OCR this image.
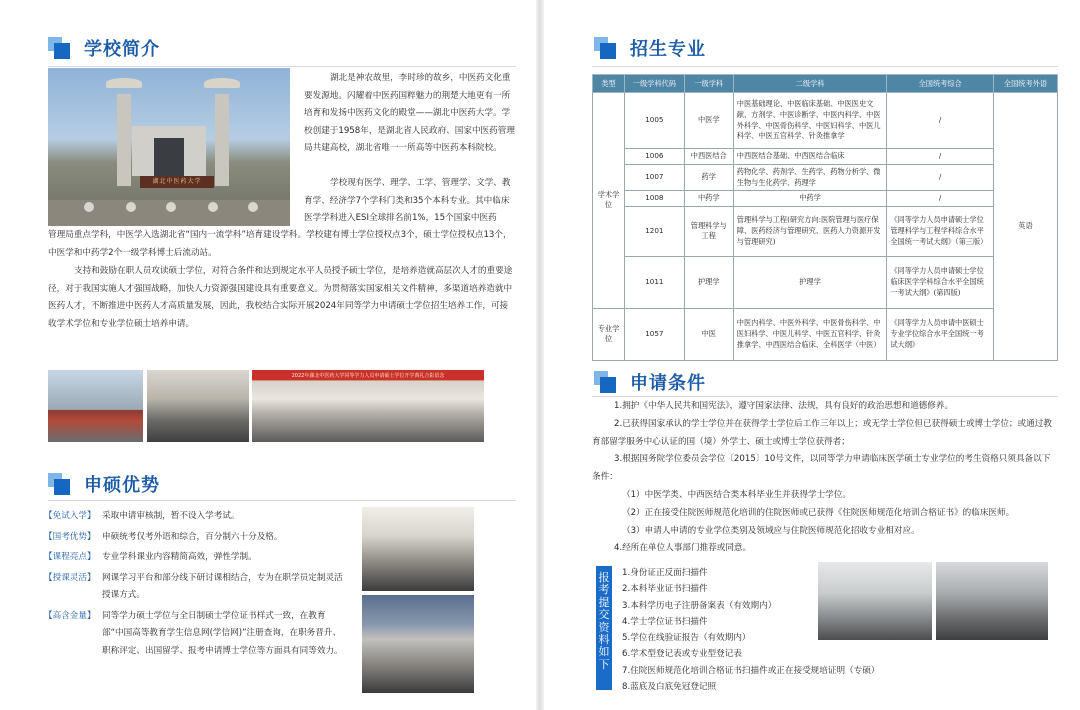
学校简介
湖北中医药大学
湖北是神农故里，李时珍的故乡，中医药文化重要发源地。闪耀着中医药国粹魅力的荆楚大地更有一所培育和发扬中医药文化的殿堂——湖北中医药大学。学校创建于1958年，是湖北省人民政府、国家中医药管理局共建高校，湖北省唯一一所高等中医药本科院校。
学校现有医学、理学、工学、管理学、文学、教育学、经济学7个学科门类和35个本科专业。其中临床医学学科进入ESI全球排名前1%，15个国家中医药
管理局重点学科，中医学入选湖北省“国内一流学科”培育建设学科。学校建有博士学位授权点3个，硕士学位授权点13个，中医学和中药学2个一级学科博士后流动站。
支持和鼓励在职人员攻读硕士学位，对符合条件和达到规定水平人员授予硕士学位，是培养造就高层次人才的重要途径，对于我国实施人才强国战略，加快人力资源强国建设具有重要意义。为贯彻落实国家相关文件精神，多渠道培养造就中医药人才，不断推进中医药人才高质量发展，因此，我校结合实际开展2024年同等学力申请硕士学位招生培养工作，可接收学术学位和专业学位硕士培养申请。
2022年湖北中医药大学同等学力人员申请硕士学位开学典礼合影留念
申硕优势
【免试入学】 采取申请审核制，暂不设入学考试。
【国考优势】 申硕统考仅考外语和综合，百分制六十分及格。
【课程亮点】 专业学科课业内容精简高效，弹性学制。
【授课灵活】 网课学习平台和部分线下研讨课相结合，专为在职学员定制灵活授课方式。
【高含金量】 同等学力硕士学位与全日制硕士学位证书样式一致，在教育部“中国高等教育学生信息网(学信网)”注册查询，在职务晋升、职称评定、出国留学、报考申请博士学位等方面具有同等效力。
招生专业
类型	一级学科代码	一级学科	二级学科	全国统考综合	全国统考外语
学术学位	1005	中医学	中医基础理论、中医临床基础、中医医史文献、方剂学、中医诊断学、中医内科学、中医外科学、中医骨伤科学、中医妇科学、中医儿科学、中医五官科学、针灸推拿学	/	英语
	1006	中西医结合	中西医结合基础、中西医结合临床	/	
	1007	药学	药物化学、药剂学、生药学、药物分析学、微生物与生化药学、药理学	/	
	1008	中药学	中药学	/	
	1201	管理科学与工程	管理科学与工程(研究方向:医院管理与医疗保障、医药经济与管理研究、医药人力资源开发与管理研究)	《同等学力人员申请硕士学位管理科学与工程学科综合水平全国统一考试大纲》（第三版）	
	1011	护理学	护理学	《同等学力人员申请硕士学位临床医学学科综合水平全国统一考试大纲》(第四版)	
专业学位	1057	中医	中医内科学、中医外科学、中医骨伤科学、中医妇科学、中医儿科学、中医五官科学、针灸推拿学、中西医结合临床、全科医学（中医）	《同等学力人员申请中医硕士专业学位综合水平全国统一考试大纲》	
申请条件

1.拥护《中华人民共和国宪法》，遵守国家法律、法规，具有良好的政治思想和道德修养。

2.已获得国家承认的学士学位并在获得学士学位后工作三年以上；或无学士学位但已获得硕士或博士学位；或通过教育部留学服务中心认证的国（境）外学士、硕士或博士学位获得者；

3.根据国务院学位委员会学位〔2015〕10号文件，以同等学力申请临床医学硕士专业学位的考生资格只须具备以下条件：

（1）中医学类、中西医结合类本科毕业生并获得学士学位。

（2）正在接受住院医师规范化培训的住院医师或已获得《住院医师规范化培训合格证书》的临床医师。

（3）申请人申请的专业学位类别及领域应与住院医师规范化招收专业相对应。

4.经所在单位人事部门推荐或同意。

报考提交资料如下
1.身份证正反面扫描件
2.本科毕业证书扫描件
3.本科学历电子注册备案表（有效期内）
4.学士学位证书扫描件
5.学位在线验证报告（有效期内）
6.学术型登记表或专业型登记表
7.住院医师规范化培训合格证书扫描件或正在接受规培证明（专硕）
8.蓝底及白底免冠登记照
